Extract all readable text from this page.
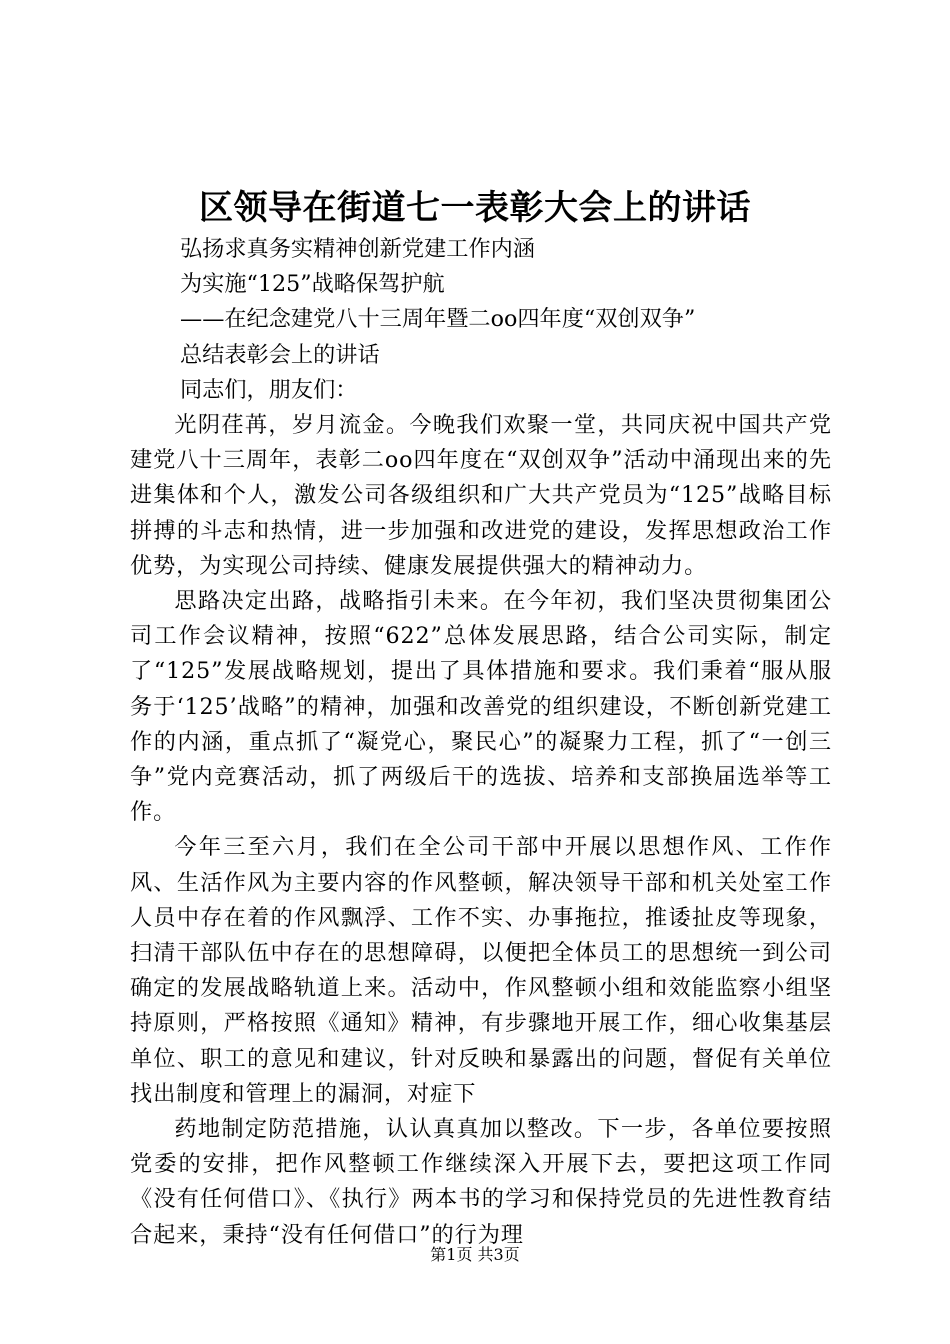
区领导在街道七一表彰大会上的讲话

弘扬求真务实精神创新党建工作内涵

为实施“125”战略保驾护航

——在纪念建党八十三周年暨二oo四年度“双创双争”

总结表彰会上的讲话

同志们，朋友们：

光阴荏苒，岁月流金。今晚我们欢聚一堂，共同庆祝中国共产党建党八十三周年，表彰二oo四年度在“双创双争”活动中涌现出来的先进集体和个人，激发公司各级组织和广大共产党员为“125”战略目标拼搏的斗志和热情，进一步加强和改进党的建设，发挥思想政治工作优势，为实现公司持续、健康发展提供强大的精神动力。

思路决定出路，战略指引未来。在今年初，我们坚决贯彻集团公司工作会议精神，按照“622”总体发展思路，结合公司实际，制定了“125”发展战略规划，提出了具体措施和要求。我们秉着“服从服务于‘125’战略”的精神，加强和改善党的组织建设，不断创新党建工作的内涵，重点抓了“凝党心，聚民心”的凝聚力工程，抓了“一创三争”党内竞赛活动，抓了两级后干的选拔、培养和支部换届选举等工作。

今年三至六月，我们在全公司干部中开展以思想作风、工作作风、生活作风为主要内容的作风整顿，解决领导干部和机关处室工作人员中存在着的作风飘浮、工作不实、办事拖拉，推诿扯皮等现象，扫清干部队伍中存在的思想障碍，以便把全体员工的思想统一到公司确定的发展战略轨道上来。活动中，作风整顿小组和效能监察小组坚持原则，严格按照《通知》精神，有步骤地开展工作，细心收集基层单位、职工的意见和建议，针对反映和暴露出的问题，督促有关单位找出制度和管理上的漏洞，对症下

药地制定防范措施，认认真真加以整改。下一步，各单位要按照党委的安排，把作风整顿工作继续深入开展下去，要把这项工作同《没有任何借口》、《执行》两本书的学习和保持党员的先进性教育结合起来，秉持“没有任何借口”的行为理

第1页 共3页
